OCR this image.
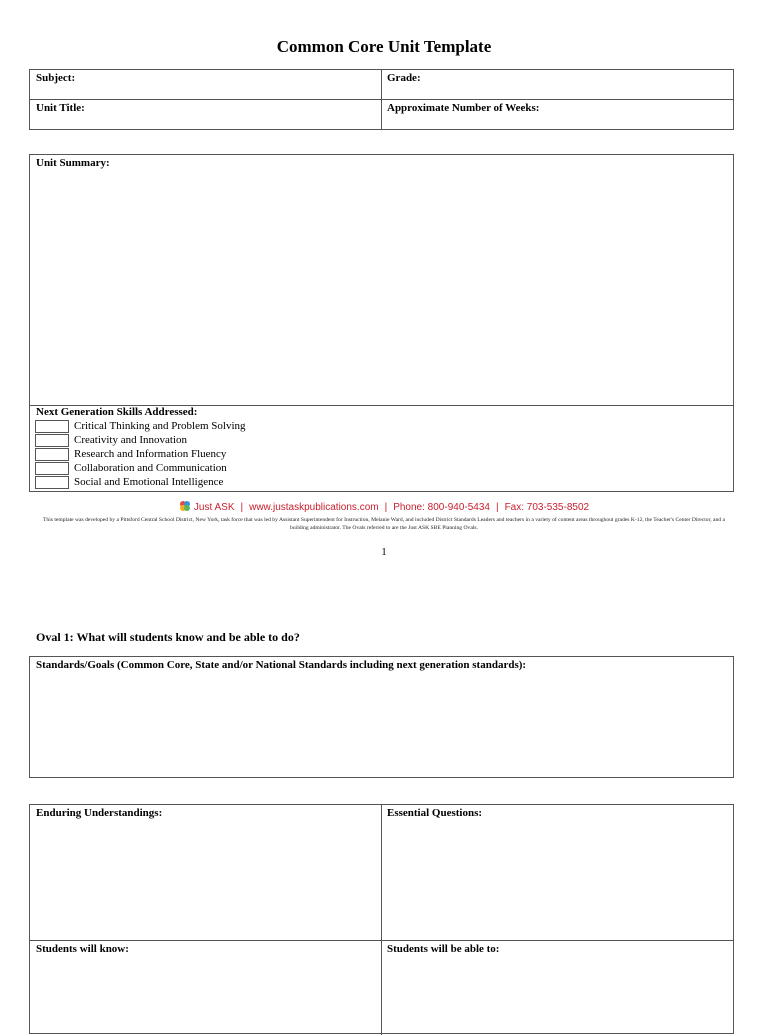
Common Core Unit Template
Subject:	Grade:
Unit Title:	Approximate Number of Weeks:
Unit Summary:
Next Generation Skills Addressed:
Critical Thinking and Problem Solving
Creativity and Innovation
Research and Information Fluency
Collaboration and Communication
Social and Emotional Intelligence
Just ASK | www.justaskpublications.com | Phone: 800-940-5434 | Fax: 703-535-8502
This template was developed by a Pittsford Central School District, New York, task force that was led by Assistant Superintendent for Instruction, Melanie Ward, and included District Standards Leaders and teachers in a variety of content areas throughout grades K-12, the Teacher's Center Director, and a building administrator. The Ovals referred to are the Just ASK SBE Planning Ovals.
1
Oval 1: What will students know and be able to do?
Standards/Goals (Common Core, State and/or National Standards including next generation standards):
Enduring Understandings:	Essential Questions:
Students will know:	Students will be able to:
